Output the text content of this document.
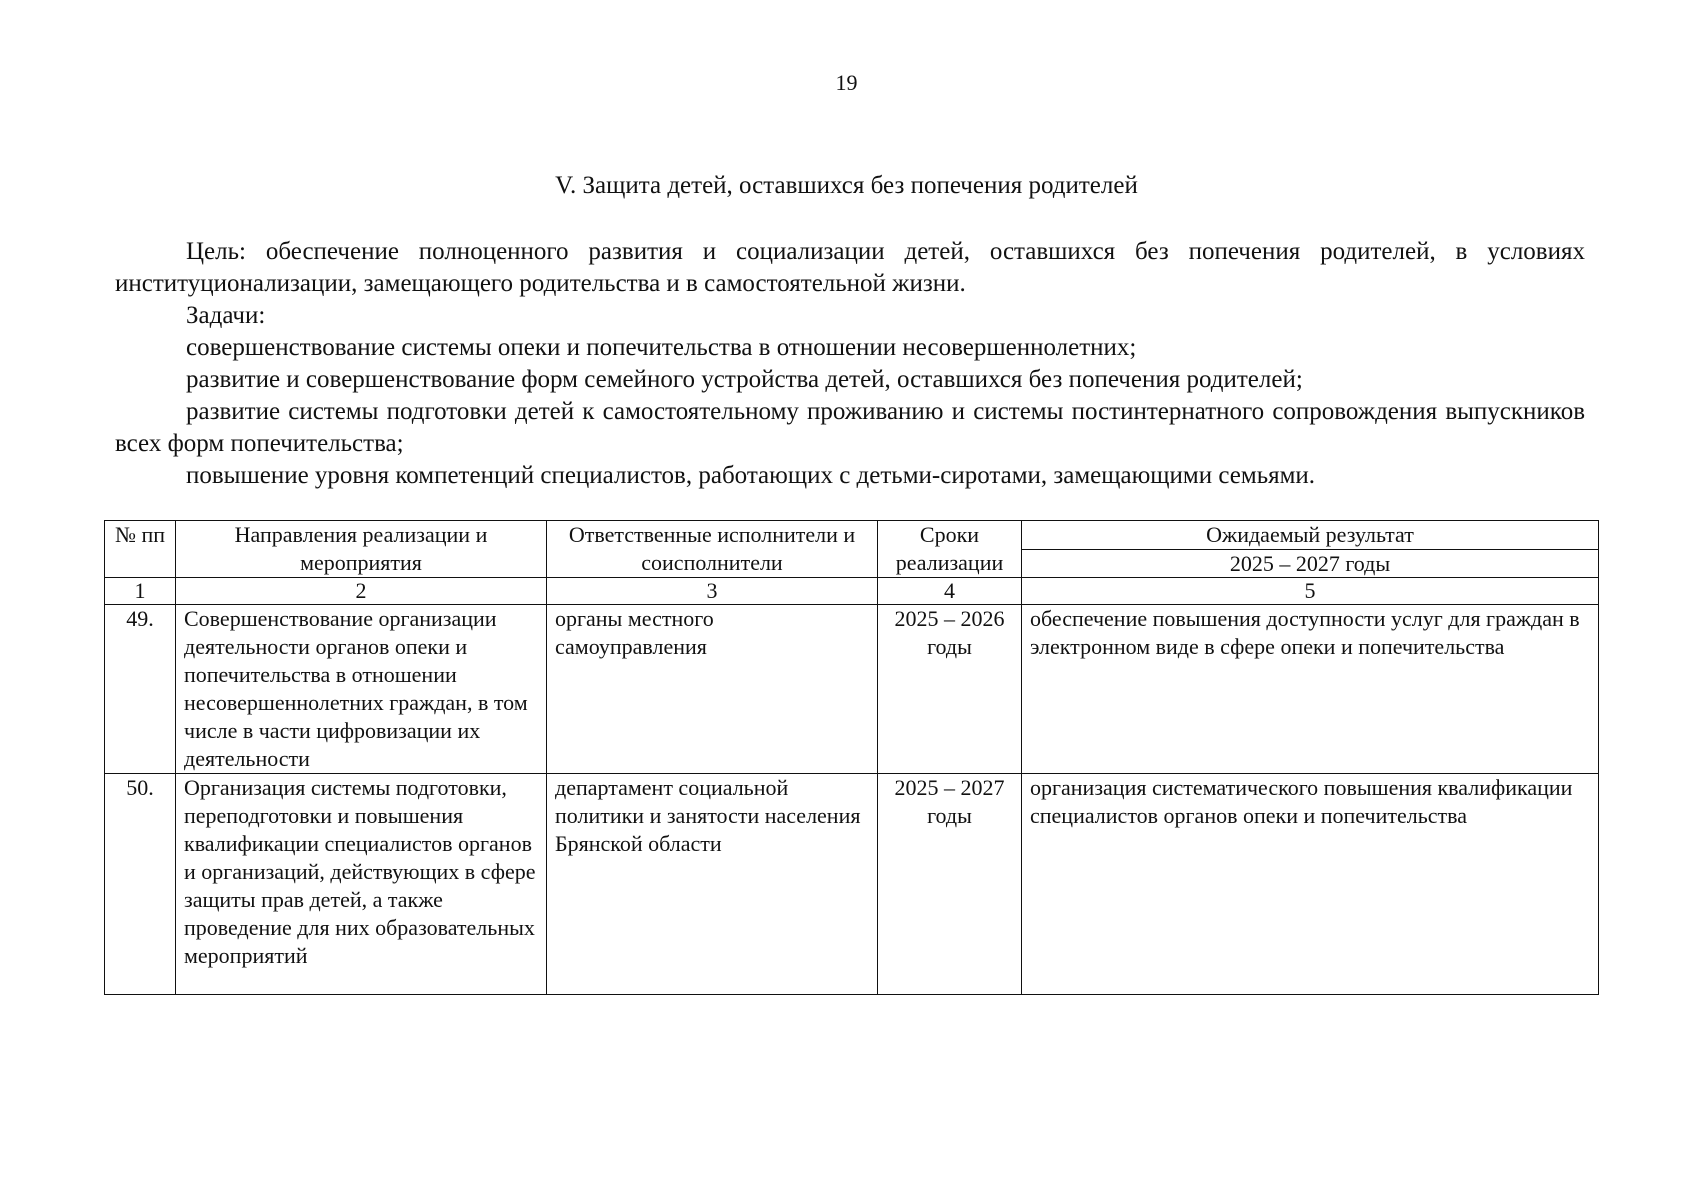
19
V. Защита детей, оставшихся без попечения родителей

Цель: обеспечение полноценного развития и социализации детей, оставшихся без попечения родителей, в условиях институционализации, замещающего родительства и в самостоятельной жизни.

Задачи:

совершенствование системы опеки и попечительства в отношении несовершеннолетних;

развитие и совершенствование форм семейного устройства детей, оставшихся без попечения родителей;

развитие системы подготовки детей к самостоятельному проживанию и системы постинтернатного сопровождения выпускников всех форм попечительства;

повышение уровня компетенций специалистов, работающих с детьми-сиротами, замещающими семьями.

№ пп	Направления реализации и мероприятия	Ответственные исполнители и соисполнители	Сроки реализации	Ожидаемый результат
				2025 – 2027 годы
1	2	3	4	5
49.	Совершенствование организации деятельности органов опеки и попечительства в отношении несовершеннолетних граждан, в том числе в части цифровизации их деятельности	органы местного самоуправления	2025 – 2026 годы	обеспечение повышения доступности услуг для граждан в электронном виде в сфере опеки и попечительства
50.	Организация системы подготовки, переподготовки и повышения квалификации специалистов органов и организаций, действующих в сфере защиты прав детей, а также проведение для них образовательных мероприятий	департамент социальной политики и занятости населения Брянской области	2025 – 2027 годы	организация систематического повышения квалификации специалистов органов опеки и попечительства
